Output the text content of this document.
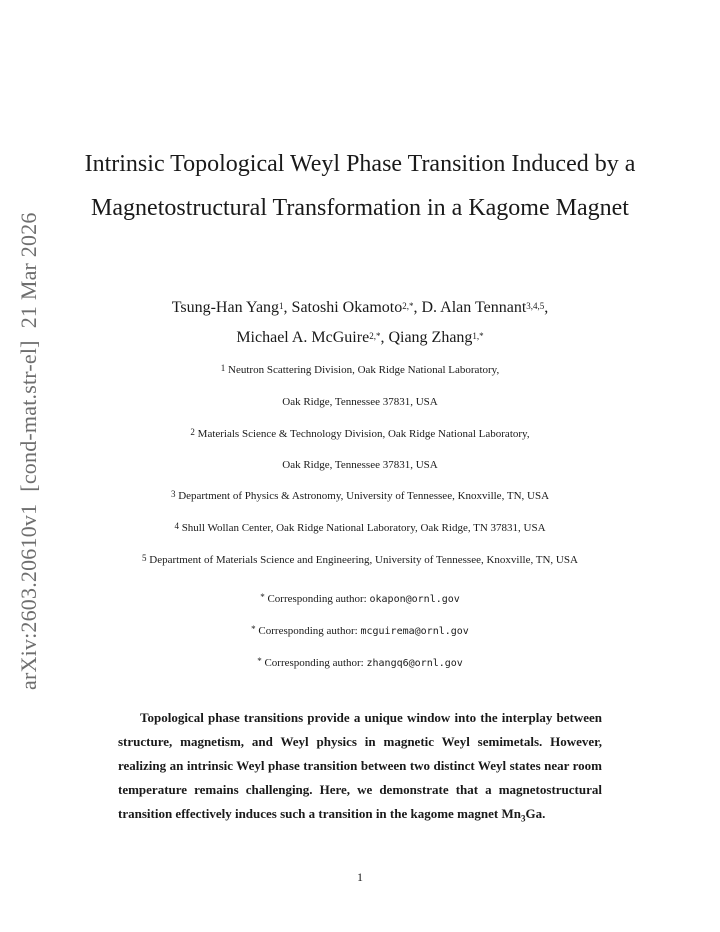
arXiv:2603.20610v1[cond-mat.str-el]21 Mar 2026
Intrinsic Topological Weyl Phase Transition Induced by a Magnetostructural Transformation in a Kagome Magnet
Tsung-Han Yang$^1$, Satoshi Okamoto$^{2,*}$, D. Alan Tennant$^{3,4,5}$,
Michael A. McGuire$^{2,*}$, Qiang Zhang$^{1,*}$
$^1$ Neutron Scattering Division, Oak Ridge National Laboratory,
Oak Ridge, Tennessee 37831, USA
$^2$ Materials Science & Technology Division, Oak Ridge National Laboratory,
Oak Ridge, Tennessee 37831, USA
$^3$ Department of Physics & Astronomy, University of Tennessee, Knoxville, TN, USA
$^4$ Shull Wollan Center, Oak Ridge National Laboratory, Oak Ridge, TN 37831, USA
$^5$ Department of Materials Science and Engineering, University of Tennessee, Knoxville, TN, USA
* Corresponding author: okapon@ornl.gov
* Corresponding author: mcguirema@ornl.gov
* Corresponding author: zhangq6@ornl.gov

Topological phase transitions provide a unique window into the interplay between structure, magnetism, and Weyl physics in magnetic Weyl semimetals. However, realizing an intrinsic Weyl phase transition between two distinct Weyl states near room temperature remains challenging. Here, we demonstrate that a magnetostructural transition effectively induces such a transition in the kagome magnet $Mn_3Ga$.

1
